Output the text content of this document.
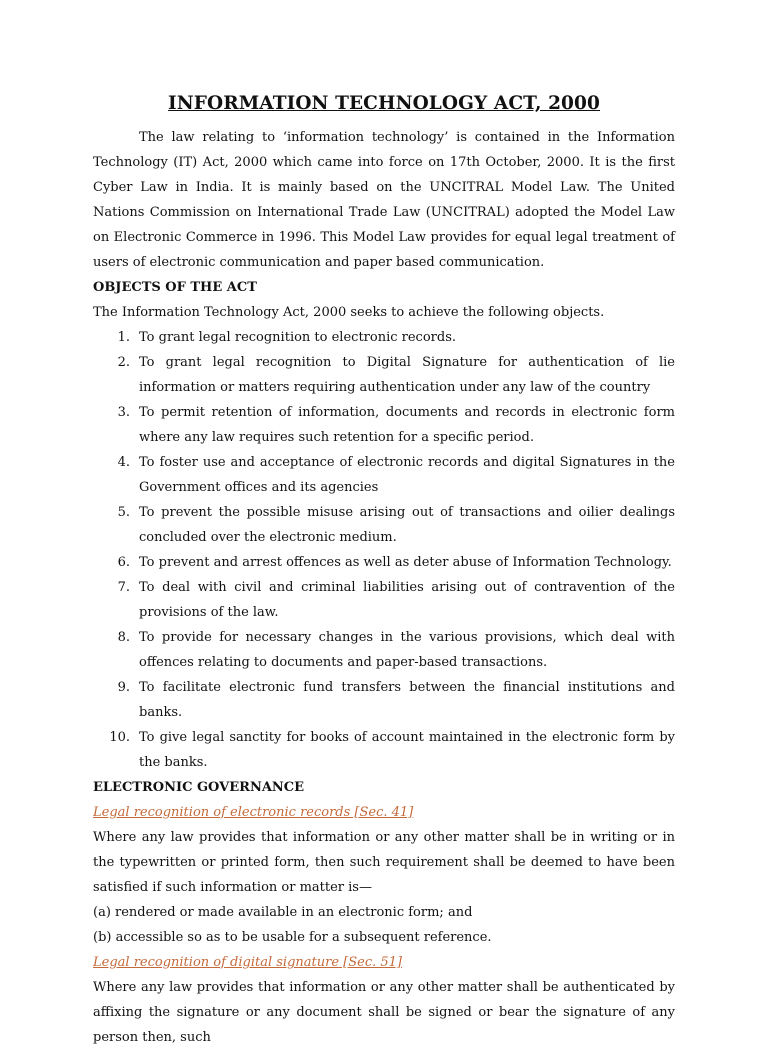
INFORMATION TECHNOLOGY ACT, 2000

The law relating to ‘information technology’ is contained in the Information Technology (IT) Act, 2000 which came into force on 17th October, 2000. It is the first Cyber Law in India. It is mainly based on the UNCITRAL Model Law. The United Nations Commission on International Trade Law (UNCITRAL) adopted the Model Law on Electronic Commerce in 1996. This Model Law provides for equal legal treatment of users of electronic communication and paper based communication.

OBJECTS OF THE ACT

The Information Technology Act, 2000 seeks to achieve the following objects.

1. To grant legal recognition to electronic records.
2. To grant legal recognition to Digital Signature for authentication of lie information or matters requiring authentication under any law of the country
3. To permit retention of information, documents and records in electronic form where any law requires such retention for a specific period.
4. To foster use and acceptance of electronic records and digital Signatures in the Government offices and its agencies
5. To prevent the possible misuse arising out of transactions and oilier dealings concluded over the electronic medium.
6. To prevent and arrest offences as well as deter abuse of Information Technology.
7. To deal with civil and criminal liabilities arising out of contravention of the provisions of the law.
8. To provide for necessary changes in the various provisions, which deal with offences relating to documents and paper-based transactions.
9. To facilitate electronic fund transfers between the financial institutions and banks.
10. To give legal sanctity for books of account maintained in the electronic form by the banks.

ELECTRONIC GOVERNANCE

Legal recognition of electronic records [Sec. 41]

Where any law provides that information or any other matter shall be in writing or in the typewritten or printed form, then such requirement shall be deemed to have been satisfied if such information or matter is—

(a) rendered or made available in an electronic form; and

(b) accessible so as to be usable for a subsequent reference.

Legal recognition of digital signature [Sec. 51]

Where any law provides that information or any other matter shall be authenticated by affixing the signature or any document shall be signed or bear the signature of any person then, such
